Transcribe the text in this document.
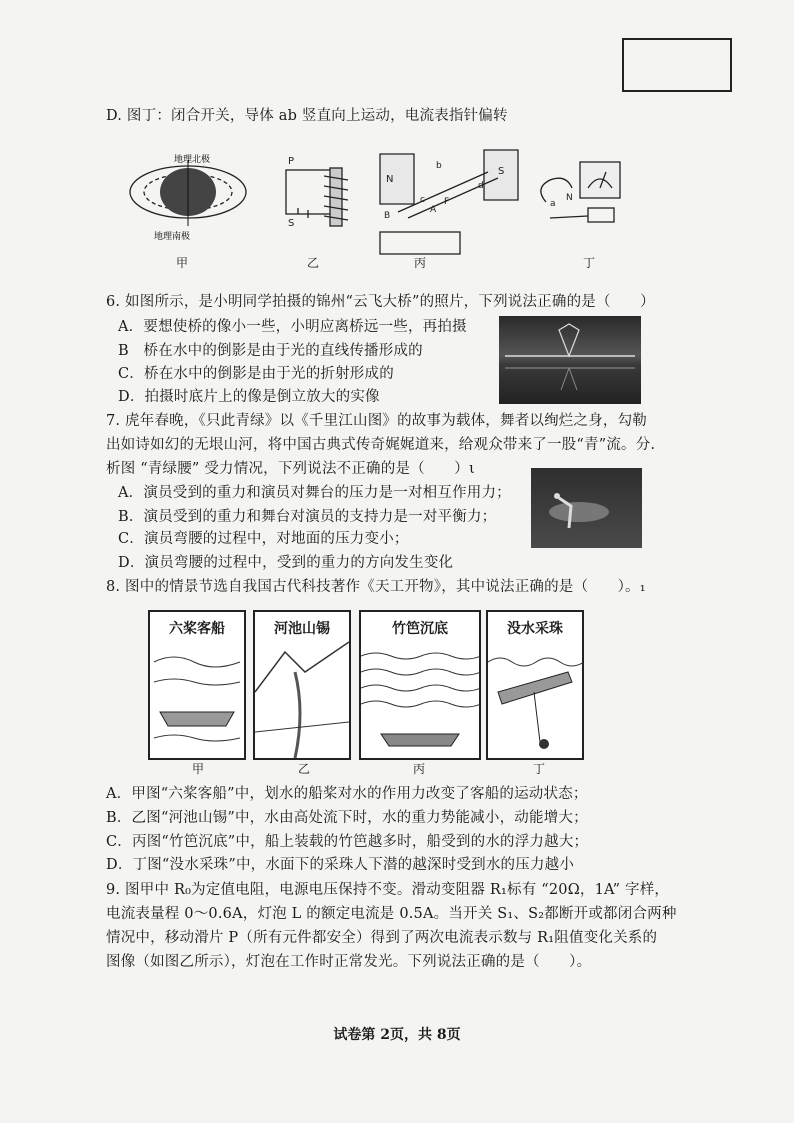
D. 图丁：闭合开关，导体 ab 竖直向上运动，电流表指针偏转
地理北极
地理南极
P
S
N
S
b
d
c
B
A
F	a
N
甲	乙	丙	丁
6. 如图所示，是小明同学拍摄的锦州“云飞大桥”的照片，下列说法正确的是（　　）
A．要想使桥的像小一些，小明应离桥远一些，再拍摄
B　桥在水中的倒影是由于光的直线传播形成的
C．桥在水中的倒影是由于光的折射形成的
D．拍摄时底片上的像是倒立放大的实像
7. 虎年春晚，《只此青绿》以《千里江山图》的故事为载体，舞者以绚烂之身，勾勒
出如诗如幻的无垠山河，将中国古典式传奇娓娓道来，给观众带来了一股“青”流。分.
析图 “青绿腰” 受力情况，下列说法不正确的是（　　）ι
A．演员受到的重力和演员对舞台的压力是一对相互作用力；
B．演员受到的重力和舞台对演员的支持力是一对平衡力；
C．演员弯腰的过程中，对地面的压力变小；
D．演员弯腰的过程中，受到的重力的方向发生变化
8. 图中的情景节选自我国古代科技著作《天工开物》，其中说法正确的是（　　）。₁
六桨客船	河池山锡	竹笆沉底	没水采珠
甲	乙	丙	丁
A．甲图“六桨客船”中，划水的船桨对水的作用力改变了客船的运动状态；
B．乙图“河池山锡”中，水由高处流下时，水的重力势能减小，动能增大；
C．丙图“竹笆沉底”中，船上装载的竹笆越多时，船受到的水的浮力越大；
D．丁图“没水采珠”中，水面下的采珠人下潜的越深时受到水的压力越小
9. 图甲中 R₀为定值电阻，电源电压保持不变。滑动变阻器 R₁标有 “20Ω，1A” 字样，
电流表量程 0～0.6A，灯泡 L 的额定电流是 0.5A。当开关 S₁、S₂都断开或都闭合两种
情况中，移动滑片 P（所有元件都安全）得到了两次电流表示数与 R₁阻值变化关系的
图像（如图乙所示），灯泡在工作时正常发光。下列说法正确的是（　　）。
试卷第 2页，共 8页
